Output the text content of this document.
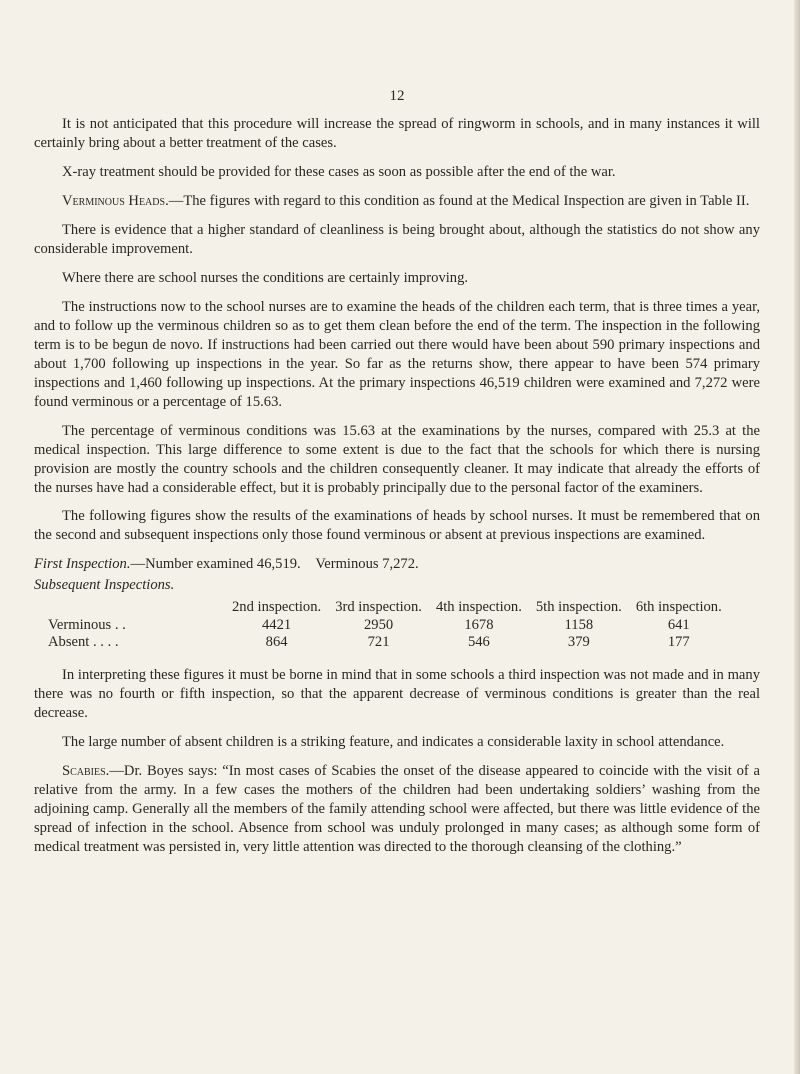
12

It is not anticipated that this procedure will increase the spread of ringworm in schools, and in many instances it will certainly bring about a better treatment of the cases.

X-ray treatment should be provided for these cases as soon as possible after the end of the war.

Verminous Heads.—The figures with regard to this condition as found at the Medical Inspection are given in Table II.

There is evidence that a higher standard of cleanliness is being brought about, although the statistics do not show any considerable improvement.

Where there are school nurses the conditions are certainly improving.

The instructions now to the school nurses are to examine the heads of the children each term, that is three times a year, and to follow up the verminous children so as to get them clean before the end of the term. The inspection in the following term is to be begun de novo. If instructions had been carried out there would have been about 590 primary inspections and about 1,700 following up inspections in the year. So far as the returns show, there appear to have been 574 primary inspections and 1,460 following up inspections. At the primary inspections 46,519 children were examined and 7,272 were found verminous or a percentage of 15.63.

The percentage of verminous conditions was 15.63 at the examinations by the nurses, compared with 25.3 at the medical inspection. This large difference to some extent is due to the fact that the schools for which there is nursing provision are mostly the country schools and the children consequently cleaner. It may indicate that already the efforts of the nurses have had a considerable effect, but it is probably principally due to the personal factor of the examiners.

The following figures show the results of the examinations of heads by school nurses. It must be remembered that on the second and subsequent inspections only those found verminous or absent at previous inspections are examined.

First Inspection.—Number examined 46,519. Verminous 7,272.
Subsequent Inspections.
	2nd inspection.	3rd inspection.	4th inspection.	5th inspection.	6th inspection.
Verminous . .	4421	2950	1678	1158	641
Absent . . . .	864	721	546	379	177

In interpreting these figures it must be borne in mind that in some schools a third inspection was not made and in many there was no fourth or fifth inspection, so that the apparent decrease of verminous conditions is greater than the real decrease.

The large number of absent children is a striking feature, and indicates a considerable laxity in school attendance.

Scabies.—Dr. Boyes says: “In most cases of Scabies the onset of the disease appeared to coincide with the visit of a relative from the army. In a few cases the mothers of the children had been undertaking soldiers’ washing from the adjoining camp. Generally all the members of the family attending school were affected, but there was little evidence of the spread of infection in the school. Absence from school was unduly prolonged in many cases; as although some form of medical treatment was persisted in, very little attention was directed to the thorough cleansing of the clothing.”
